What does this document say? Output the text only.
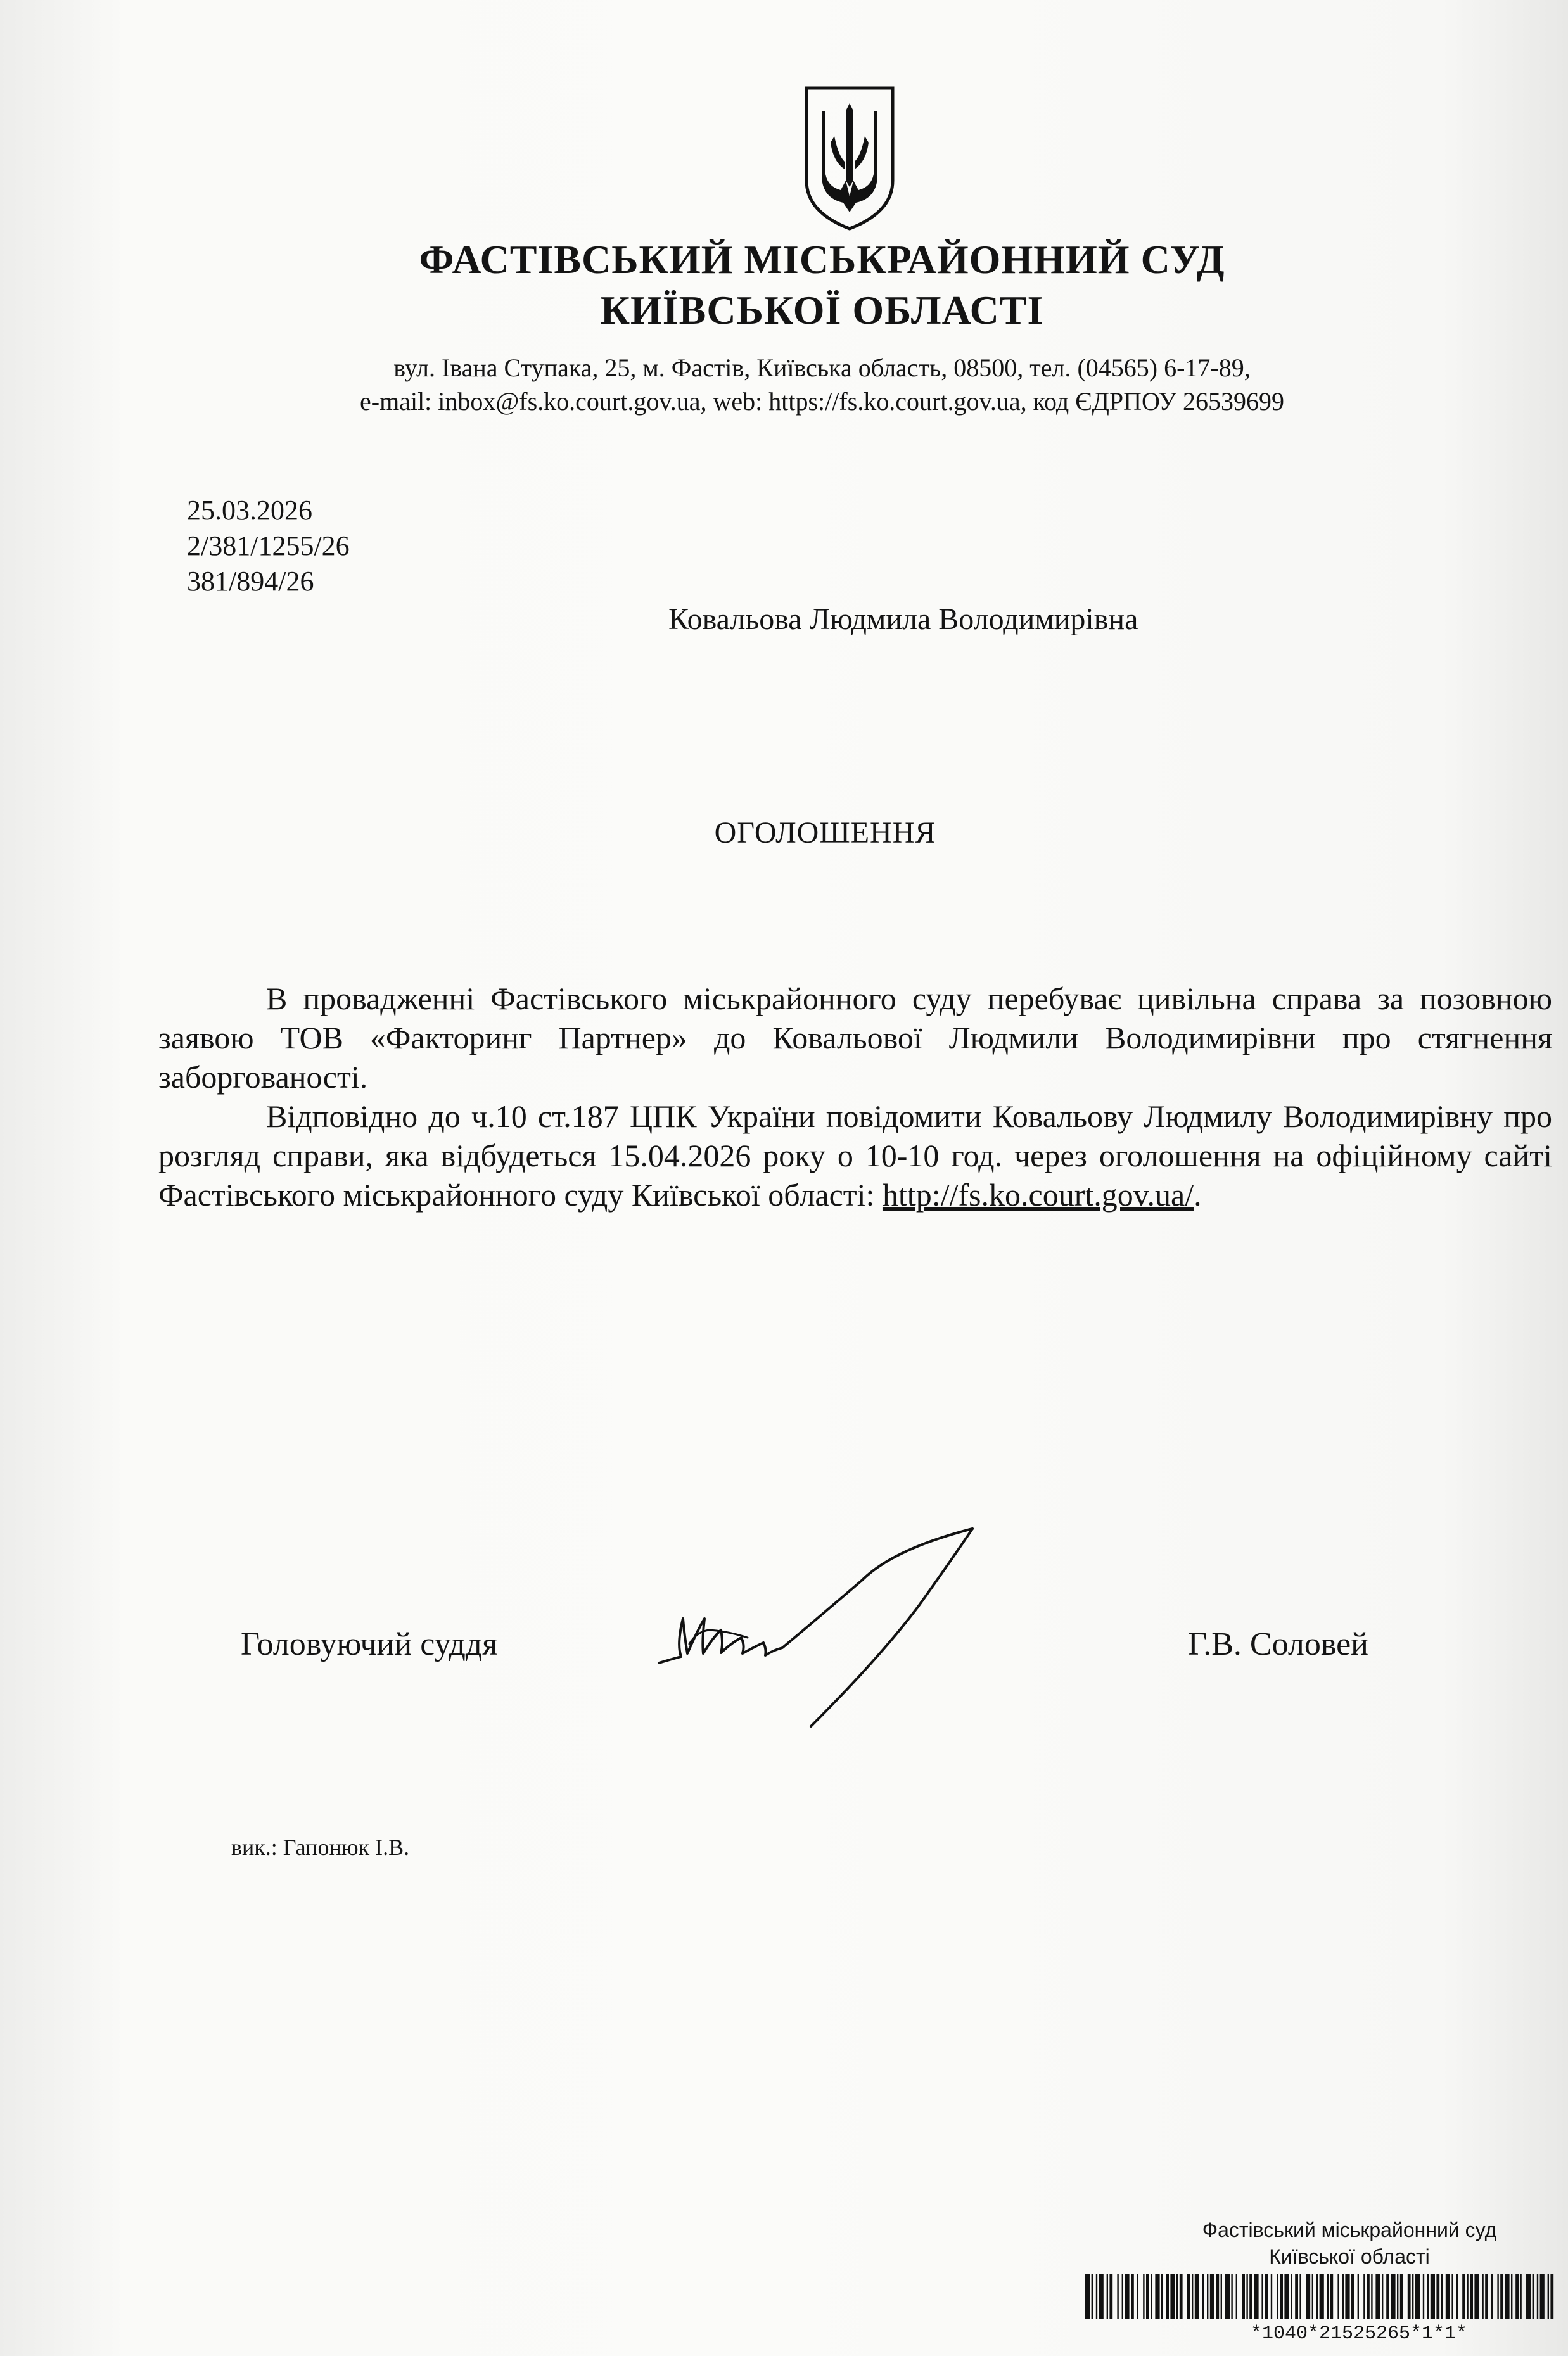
ФАСТІВСЬКИЙ МІСЬКРАЙОННИЙ СУД
КИЇВСЬКОЇ ОБЛАСТІ
вул. Івана Ступака, 25, м. Фастів, Київська область, 08500, тел. (04565) 6-17-89,
e-mail: inbox@fs.ko.court.gov.ua, web: https://fs.ko.court.gov.ua, код ЄДРПОУ 26539699
25.03.2026
2/381/1255/26
381/894/26
Ковальова Людмила Володимирівна
ОГОЛОШЕННЯ

В провадженні Фастівського міськрайонного суду перебуває цивільна справа за позовною заявою ТОВ «Факторинг Партнер» до Ковальової Людмили Володимирівни про стягнення заборгованості.

Відповідно до ч.10 ст.187 ЦПК України повідомити Ковальову Людмилу Володимирівну про розгляд справи, яка відбудеться 15.04.2026 року о 10-10 год. через оголошення на офіційному сайті Фастівського міськрайонного суду Київської області: http://fs.ko.court.gov.ua/.

Головуючий суддя	Г.В. Соловей
вик.: Гапонюк І.В.
Фастівський міськрайонний суд
Київської області
*1040*21525265*1*1*
